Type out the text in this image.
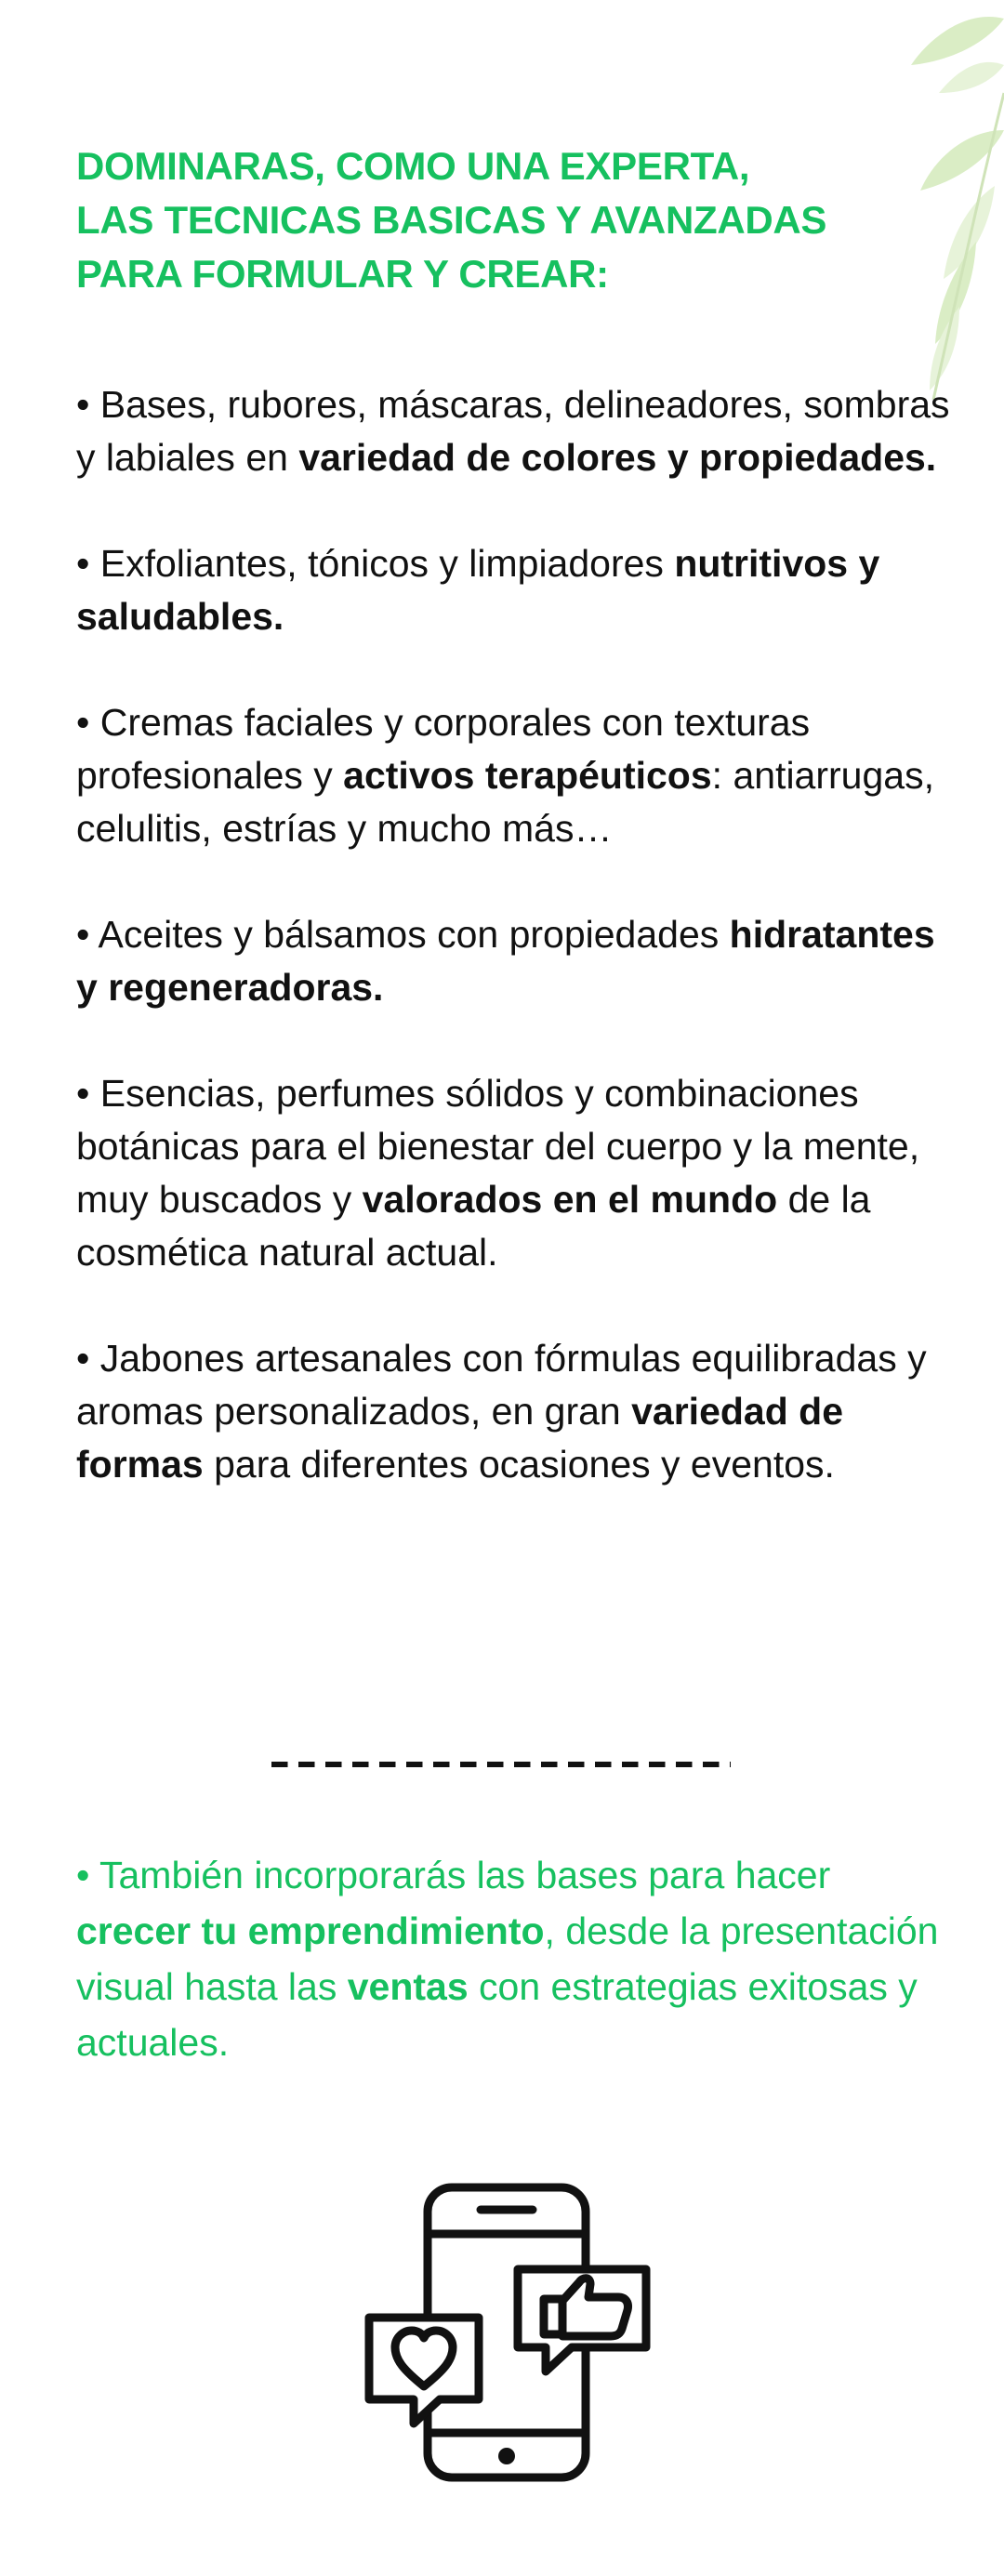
DOMINARAS, COMO UNA EXPERTA,
LAS TECNICAS BASICAS Y AVANZADAS
PARA FORMULAR Y CREAR:

• Bases, rubores, máscaras, delineadores, sombras y labiales en variedad de colores y propiedades.

• Exfoliantes, tónicos y limpiadores nutritivos y saludables.

• Cremas faciales y corporales con texturas profesionales y activos terapéuticos: antiarrugas, celulitis, estrías y mucho más…

• Aceites y bálsamos con propiedades hidratantes y regeneradoras.

• Esencias, perfumes sólidos y combinaciones botánicas para el bienestar del cuerpo y la mente, muy buscados y valorados en el mundo de la cosmética natural actual.

• Jabones artesanales con fórmulas equilibradas y aromas personalizados, en gran variedad de formas para diferentes ocasiones y eventos.

• También incorporarás las bases para hacer crecer tu emprendimiento, desde la presentación visual hasta las ventas con estrategias exitosas y actuales.
